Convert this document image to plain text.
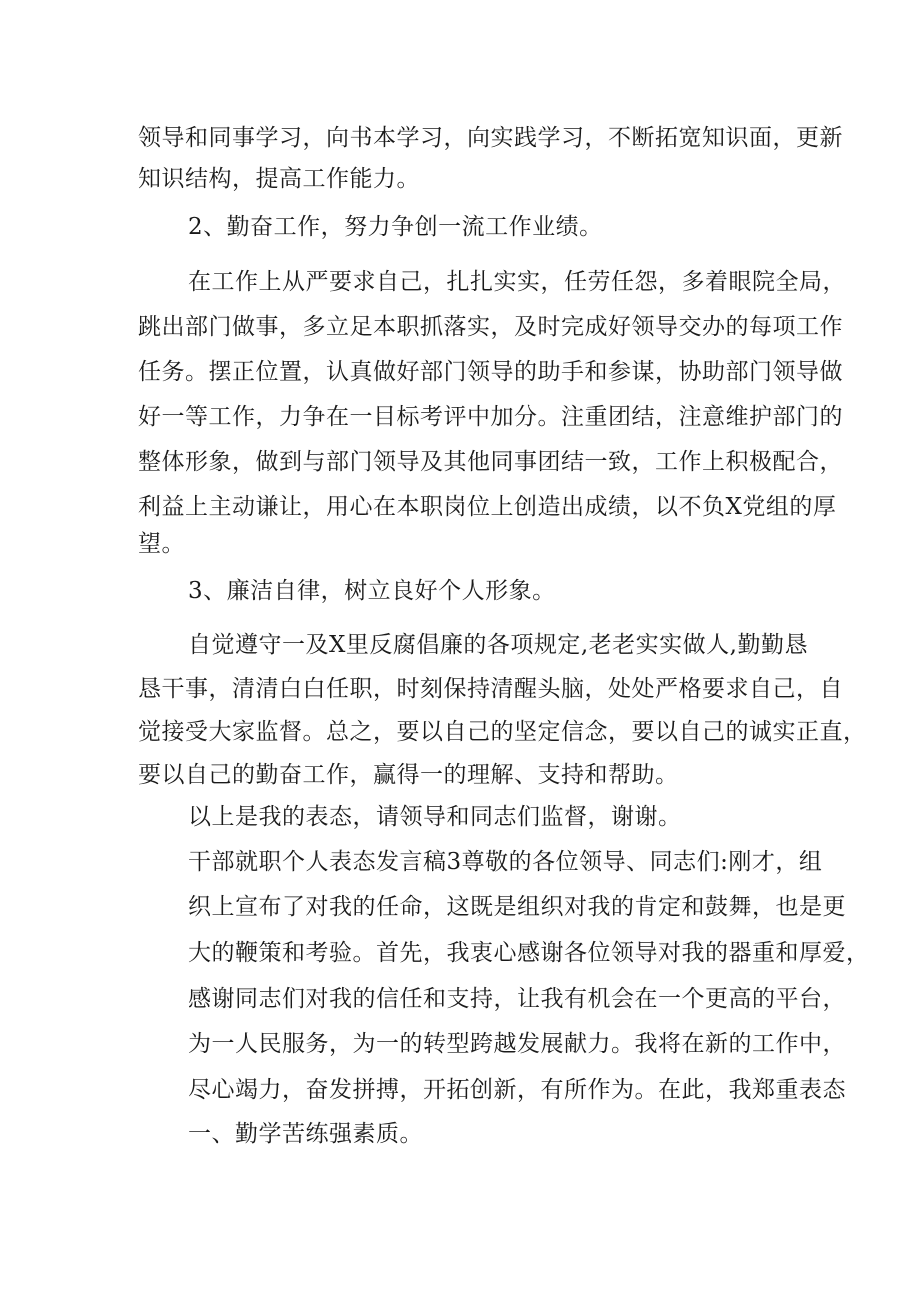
领导和同事学习，向书本学习，向实践学习，不断拓宽知识面，更新
知识结构，提高工作能力。
2、勤奋工作，努力争创一流工作业绩。
在工作上从严要求自己，扎扎实实，任劳任怨，多着眼院全局，
跳出部门做事，多立足本职抓落实，及时完成好领导交办的每项工作
任务。摆正位置，认真做好部门领导的助手和参谋，协助部门领导做
好一等工作，力争在一目标考评中加分。注重团结，注意维护部门的
整体形象，做到与部门领导及其他同事团结一致，工作上积极配合，
利益上主动谦让，用心在本职岗位上创造出成绩，以不负X党组的厚
望。
3、廉洁自律，树立良好个人形象。
自觉遵守一及X里反腐倡廉的各项规定,老老实实做人,勤勤恳
恳干事，清清白白任职，时刻保持清醒头脑，处处严格要求自己，自
觉接受大家监督。总之，要以自己的坚定信念，要以自己的诚实正直，
要以自己的勤奋工作，赢得一的理解、支持和帮助。
以上是我的表态，请领导和同志们监督，谢谢。
干部就职个人表态发言稿3尊敬的各位领导、同志们:刚才，组
织上宣布了对我的任命，这既是组织对我的肯定和鼓舞，也是更
大的鞭策和考验。首先，我衷心感谢各位领导对我的器重和厚爱，
感谢同志们对我的信任和支持，让我有机会在一个更高的平台，
为一人民服务，为一的转型跨越发展献力。我将在新的工作中，
尽心竭力，奋发拼搏，开拓创新，有所作为。在此，我郑重表态
一、勤学苦练强素质。
